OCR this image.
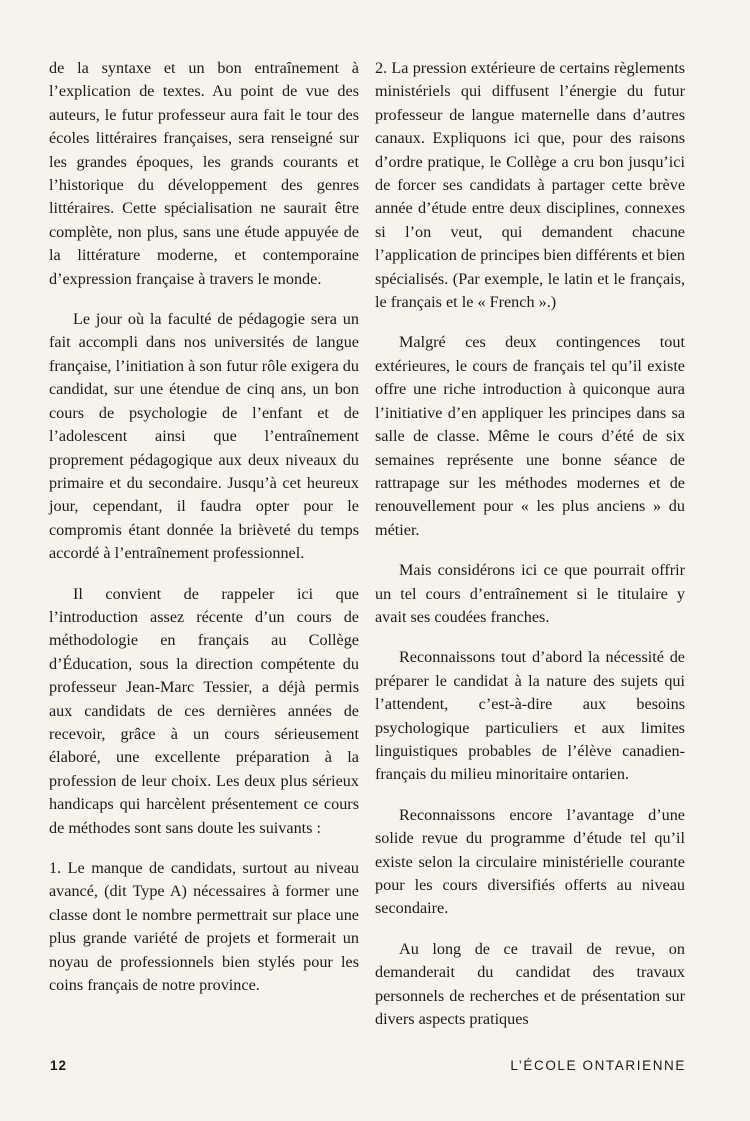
de la syntaxe et un bon entraînement à l’explication de textes. Au point de vue des auteurs, le futur professeur aura fait le tour des écoles littéraires françaises, sera renseigné sur les grandes époques, les grands courants et l’historique du développement des genres littéraires. Cette spécialisation ne saurait être complète, non plus, sans une étude appuyée de la littérature moderne, et contemporaine d’expression française à travers le monde.

Le jour où la faculté de pédagogie sera un fait accompli dans nos universités de langue française, l’initiation à son futur rôle exigera du candidat, sur une étendue de cinq ans, un bon cours de psychologie de l’enfant et de l’adolescent ainsi que l’entraînement proprement pédagogique aux deux niveaux du primaire et du secondaire. Jusqu’à cet heureux jour, cependant, il faudra opter pour le compromis étant donnée la brièveté du temps accordé à l’entraînement professionnel.

Il convient de rappeler ici que l’introduction assez récente d’un cours de méthodologie en français au Collège d’Éducation, sous la direction compétente du professeur Jean-Marc Tessier, a déjà permis aux candidats de ces dernières années de recevoir, grâce à un cours sérieusement élaboré, une excellente préparation à la profession de leur choix. Les deux plus sérieux handicaps qui harcèlent présentement ce cours de méthodes sont sans doute les suivants :

1. Le manque de candidats, surtout au niveau avancé, (dit Type A) nécessaires à former une classe dont le nombre permettrait sur place une plus grande variété de projets et formerait un noyau de professionnels bien stylés pour les coins français de notre province.

2. La pression extérieure de certains règlements ministériels qui diffusent l’énergie du futur professeur de langue maternelle dans d’autres canaux. Expliquons ici que, pour des raisons d’ordre pratique, le Collège a cru bon jusqu’ici de forcer ses candidats à partager cette brève année d’étude entre deux disciplines, connexes si l’on veut, qui demandent chacune l’application de principes bien différents et bien spécialisés. (Par exemple, le latin et le français, le français et le « French ».)

Malgré ces deux contingences tout extérieures, le cours de français tel qu’il existe offre une riche introduction à quiconque aura l’initiative d’en appliquer les principes dans sa salle de classe. Même le cours d’été de six semaines représente une bonne séance de rattrapage sur les méthodes modernes et de renouvellement pour « les plus anciens » du métier.

Mais considérons ici ce que pourrait offrir un tel cours d’entraînement si le titulaire y avait ses coudées franches.

Reconnaissons tout d’abord la nécessité de préparer le candidat à la nature des sujets qui l’attendent, c’est-à-dire aux besoins psychologique particuliers et aux limites linguistiques probables de l’élève canadien-français du milieu minoritaire ontarien.

Reconnaissons encore l’avantage d’une solide revue du programme d’étude tel qu’il existe selon la circulaire ministérielle courante pour les cours diversifiés offerts au niveau secondaire.

Au long de ce travail de revue, on demanderait du candidat des travaux personnels de recherches et de présentation sur divers aspects pratiques

12	L’ÉCOLE ONTARIENNE
